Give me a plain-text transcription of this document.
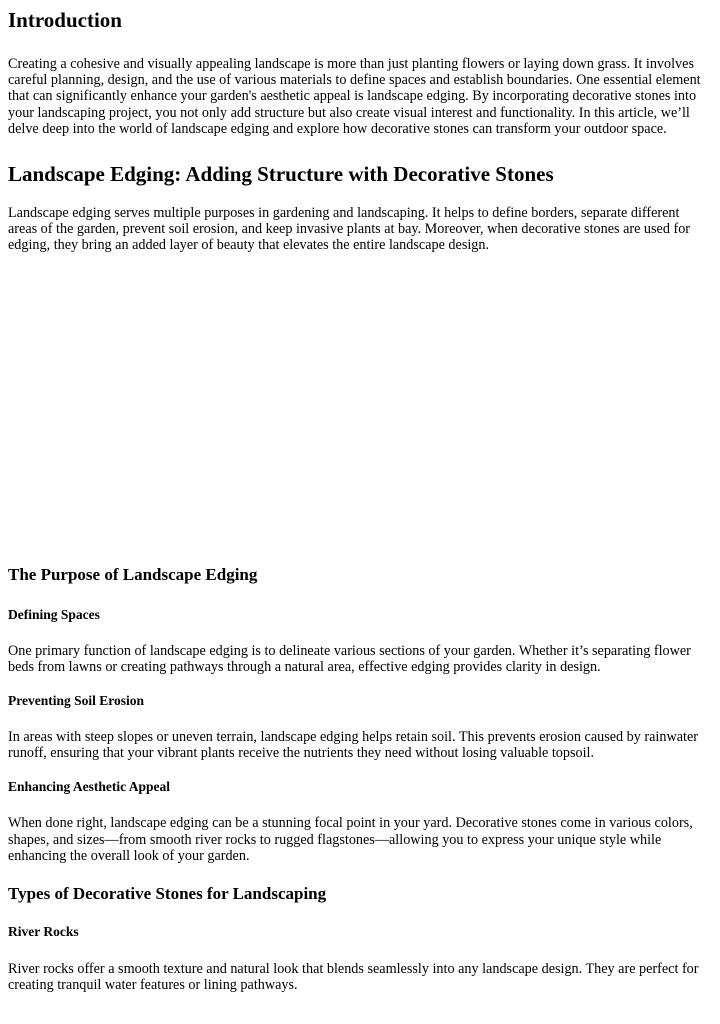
Introduction

Creating a cohesive and visually appealing landscape is more than just planting flowers or laying down grass. It involves careful planning, design, and the use of various materials to define spaces and establish boundaries. One essential element that can significantly enhance your garden's aesthetic appeal is landscape edging. By incorporating decorative stones into your landscaping project, you not only add structure but also create visual interest and functionality. In this article, we’ll delve deep into the world of landscape edging and explore how decorative stones can transform your outdoor space.

Landscape Edging: Adding Structure with Decorative Stones

Landscape edging serves multiple purposes in gardening and landscaping. It helps to define borders, separate different areas of the garden, prevent soil erosion, and keep invasive plants at bay. Moreover, when decorative stones are used for edging, they bring an added layer of beauty that elevates the entire landscape design.

The Purpose of Landscape Edging
Defining Spaces

One primary function of landscape edging is to delineate various sections of your garden. Whether it’s separating flower beds from lawns or creating pathways through a natural area, effective edging provides clarity in design.

Preventing Soil Erosion

In areas with steep slopes or uneven terrain, landscape edging helps retain soil. This prevents erosion caused by rainwater runoff, ensuring that your vibrant plants receive the nutrients they need without losing valuable topsoil.

Enhancing Aesthetic Appeal

When done right, landscape edging can be a stunning focal point in your yard. Decorative stones come in various colors, shapes, and sizes—from smooth river rocks to rugged flagstones—allowing you to express your unique style while enhancing the overall look of your garden.

Types of Decorative Stones for Landscaping
River Rocks

River rocks offer a smooth texture and natural look that blends seamlessly into any landscape design. They are perfect for creating tranquil water features or lining pathways.
